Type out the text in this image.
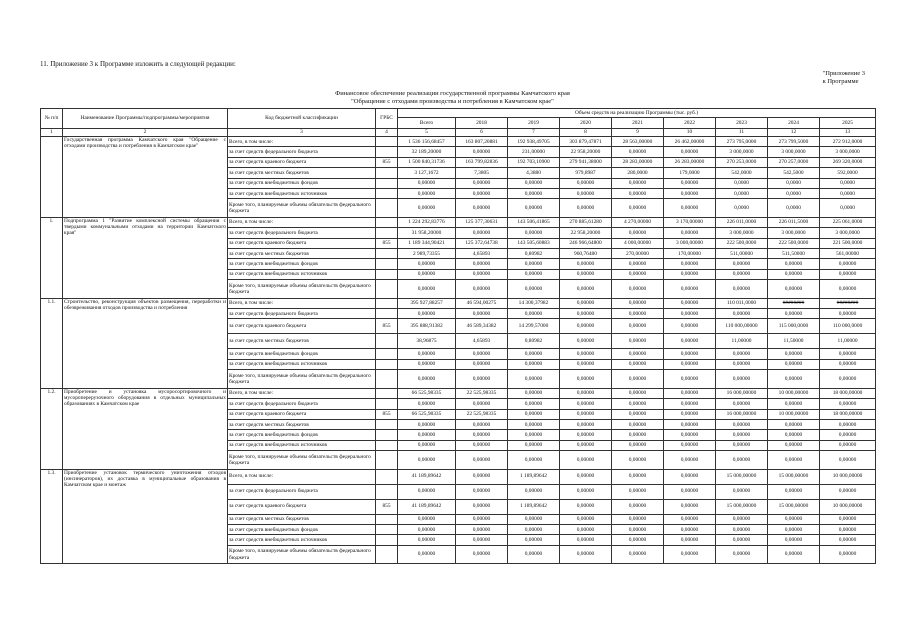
11. Приложение 3 к Программе изложить в следующей редакции:
"Приложение 3
к Программе
Финансовое обеспечение реализации государственной программы Камчатского края
"Обращение с отходами производства и потребления в Камчатском крае"
№ п/п	Наименование Программы/подпрограммы/мероприятия	Код бюджетной классификации	ГРБС	Объем средств на реализацию Программы (тыс. руб.)								
				Всего	2018	2019	2020	2021	2022	2023	2024	2025
1	2	3	4	5	6	7	8	9	10	11	12	13
	Государственная программа Камчатского края "Обращение с отходами производства и потребления в Камчатском крае"	Всего, в том числе:		1 536 156,68457	163 807,20881	192 938,49705	303 879,47871	28 563,00000	26 462,00000	273 795,0000	273 799,5000	272 912,0000
		за счет средств федерального бюджета		32 189,20000	0,00000	231,00000	22 958,20000	0,00000	0,00000	3 000,0000	3 000,0000	3 000,0000
		за счет средств краевого бюджета	855	1 500 840,31736	163 799,82836	192 703,10900	279 941,38000	28 283,00000	26 283,00000	270 253,0000	270 257,0000	269 320,0000
		за счет средств местных бюджетов		3 127,1672	7,3805	4,3880	979,8987	280,0000	179,0000	542,0000	542,5000	592,0000
		за счет средств внебюджетных фондов		0,00000	0,00000	0,00000	0,00000	0,00000	0,00000	0,0000	0,0000	0,0000
		за счет средств внебюджетных источников		0,00000	0,00000	0,00000	0,00000	0,00000	0,00000	0,0000	0,0000	0,0000
		Кроме того, планируемые объемы обязательств федерального бюджета		0,00000	0,00000	0,00000	0,00000	0,00000	0,00000	0,0000	0,0000	0,0000
1.	Подпрограмма 1 "Развитие комплексной системы обращения с твердыми коммунальными отходами на территории Камчатского края"	Всего, в том числе:		1 224 292,83776	125 377,30631	143 506,41865	270 885,61280	4 270,00000	3 170,00000	226 011,0000	226 011,5000	225 061,0000
		за счет средств федерального бюджета		31 958,20000	0,00000	0,00000	22 958,20000	0,00000	0,00000	3 000,0000	3 000,0000	3 000,0000
		за счет средств краевого бюджета	855	1 189 344,90421	125 372,64738	143 505,60883	246 966,64800	4 000,00000	3 000,00000	222 500,0000	222 500,0000	221 500,0000
		за счет средств местных бюджетов		2 989,73355	4,65893	0,80982	960,76480	270,00000	170,00000	511,00000	511,50000	561,00000
		за счет средств внебюджетных фондов		0,00000	0,00000	0,00000	0,00000	0,00000	0,00000	0,00000	0,00000	0,00000
		за счет средств внебюджетных источников		0,00000	0,00000	0,00000	0,00000	0,00000	0,00000	0,00000	0,00000	0,00000
		Кроме того, планируемые объемы обязательств федерального бюджета		0,00000	0,00000	0,00000	0,00000	0,00000	0,00000	0,00000	0,00000	0,00000
1.1.	Строительство, реконструкция объектов размещения, переработки и обезвреживания отходов производства и потребления	Всего, в том числе:		395 927,88257	46 594,00275	14 300,37982	0,00000	0,00000	0,00000	110 011,0000	########	########
		за счет средств федерального бюджета		0,00000	0,00000	0,00000	0,00000	0,00000	0,00000	0,00000	0,00000	0,00000
		за счет средств краевого бюджета	855	395 888,91382	46 589,34382	14 299,57000	0,00000	0,00000	0,00000	110 000,00000	115 000,0000	110 000,0000
		за счет средств местных бюджетов		38,96875	4,65893	0,80982	0,00000	0,00000	0,00000	11,00000	11,50000	11,00000
		за счет средств внебюджетных фондов		0,00000	0,00000	0,00000	0,00000	0,00000	0,00000	0,00000	0,00000	0,00000
		за счет средств внебюджетных источников		0,00000	0,00000	0,00000	0,00000	0,00000	0,00000	0,00000	0,00000	0,00000
		Кроме того, планируемые объемы обязательств федерального бюджета		0,00000	0,00000	0,00000	0,00000	0,00000	0,00000	0,00000	0,00000	0,00000
1.2.	Приобретение и установка мусоросортировочного и мусороперерузочного оборудования в отдельных муниципальных образованиях в Камчатском крае	Всего, в том числе:		66 525,98335	22 525,98335	0,00000	0,00000	0,00000	0,00000	16 000,00000	10 000,00000	18 000,00000
		за счет средств федерального бюджета		0,00000	0,00000	0,00000	0,00000	0,00000	0,00000	0,00000	0,00000	0,00000
		за счет средств краевого бюджета	855	66 525,98335	22 525,98335	0,00000	0,00000	0,00000	0,00000	16 000,00000	10 000,00000	18 000,00000
		за счет средств местных бюджетов		0,00000	0,00000	0,00000	0,00000	0,00000	0,00000	0,00000	0,00000	0,00000
		за счет средств внебюджетных фондов		0,00000	0,00000	0,00000	0,00000	0,00000	0,00000	0,00000	0,00000	0,00000
		за счет средств внебюджетных источников		0,00000	0,00000	0,00000	0,00000	0,00000	0,00000	0,00000	0,00000	0,00000
		Кроме того, планируемые объемы обязательств федерального бюджета		0,00000	0,00000	0,00000	0,00000	0,00000	0,00000	0,00000	0,00000	0,00000
1.3.	Приобретение установок термического уничтожения отходов (инсинераторов), их доставка в муниципальные образования в Камчатском крае и монтаж	Всего, в том числе:		41 189,89642	0,00000	1 189,89642	0,00000	0,00000	0,00000	15 000,00000	15 000,00000	10 000,00000
		за счет средств федерального бюджета		0,00000	0,00000	0,00000	0,00000	0,00000	0,00000	0,00000	0,00000	0,00000
		за счет средств краевого бюджета	855	41 189,89642	0,00000	1 189,89642	0,00000	0,00000	0,00000	15 000,00000	15 000,00000	10 000,00000
		за счет средств местных бюджетов		0,00000	0,00000	0,00000	0,00000	0,00000	0,00000	0,00000	0,00000	0,00000
		за счет средств внебюджетных фондов		0,00000	0,00000	0,00000	0,00000	0,00000	0,00000	0,00000	0,00000	0,00000
		за счет средств внебюджетных источников		0,00000	0,00000	0,00000	0,00000	0,00000	0,00000	0,00000	0,00000	0,00000
		Кроме того, планируемые объемы обязательств федерального бюджета		0,00000	0,00000	0,00000	0,00000	0,00000	0,00000	0,00000	0,00000	0,00000
